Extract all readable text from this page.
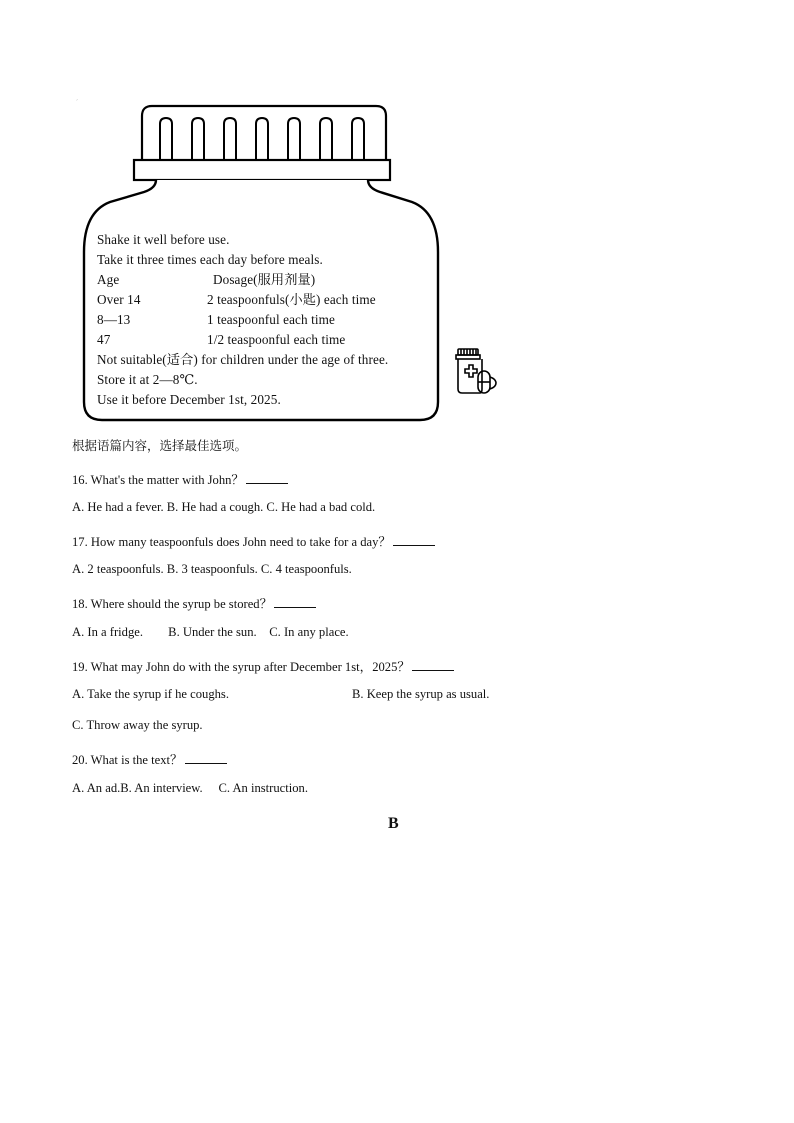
Shake it well before use.
Take it three times each day before meals.
Age	Dosage(服用剂量)
Over 14	2 teaspoonfuls(小匙) each time
8—13	1 teaspoonful each time
47	1/2 teaspoonful each time
Not suitable(适合) for children under the age of three.
Store it at 2—8℃.
Use it before December 1st, 2025.
ˊ
根据语篇内容，选择最佳选项。
16. What's the matter with John？
A. He had a fever. B. He had a cough. C. He had a bad cold.
17. How many teaspoonfuls does John need to take for a day？
A. 2 teaspoonfuls. B. 3 teaspoonfuls. C. 4 teaspoonfuls.
18. Where should the syrup be stored？
A. In a fridge.        B. Under the sun.    C. In any place.
19. What may John do with the syrup after December 1st，2025？
A. Take the syrup if he coughs.	B. Keep the syrup as usual.
C. Throw away the syrup.
20. What is the text？
A. An ad.B. An interview.     C. An instruction.
B
